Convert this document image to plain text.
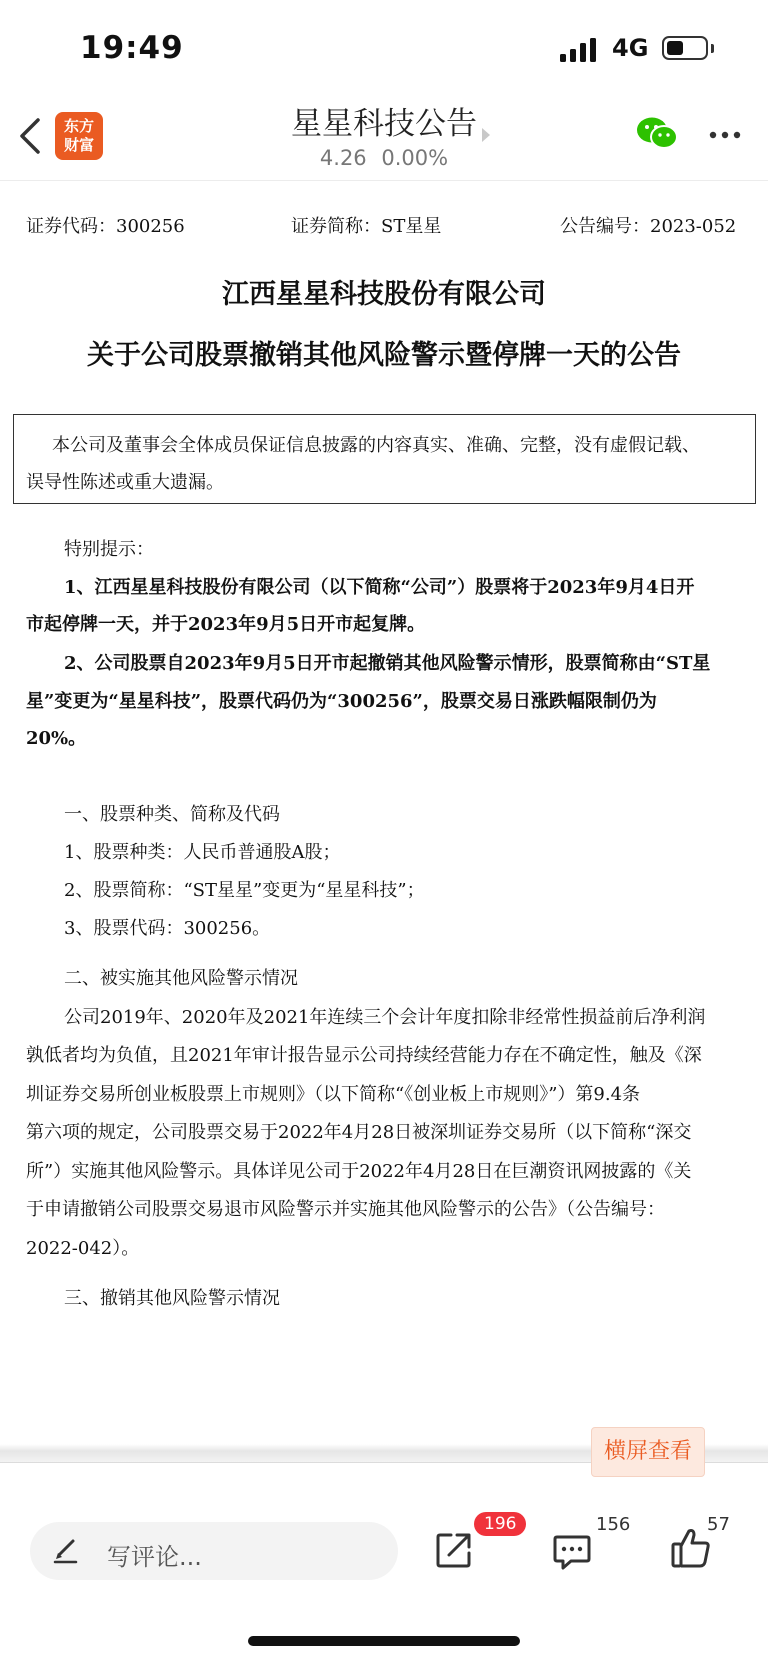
19:49	4G
东方
财富
星星科技公告
4.26 0.00%
证券代码：300256	证券简称：ST星星	公告编号：2023-052
江西星星科技股份有限公司
关于公司股票撤销其他风险警示暨停牌一天的公告
本公司及董事会全体成员保证信息披露的内容真实、准确、完整，没有虚假记载、
误导性陈述或重大遗漏。
特别提示：
1、江西星星科技股份有限公司（以下简称“公司”）股票将于2023年9月4日开
市起停牌一天，并于2023年9月5日开市起复牌。
2、公司股票自2023年9月5日开市起撤销其他风险警示情形，股票简称由“ST星
星”变更为“星星科技”，股票代码仍为“300256”，股票交易日涨跌幅限制仍为
20%。
一、股票种类、简称及代码
1、股票种类：人民币普通股A股；
2、股票简称：“ST星星”变更为“星星科技”；
3、股票代码：300256。
二、被实施其他风险警示情况
公司2019年、2020年及2021年连续三个会计年度扣除非经常性损益前后净利润
孰低者均为负值，且2021年审计报告显示公司持续经营能力存在不确定性，触及《深
圳证券交易所创业板股票上市规则》（以下简称“《创业板上市规则》”）第9.4条
第六项的规定，公司股票交易于2022年4月28日被深圳证券交易所（以下简称“深交
所”）实施其他风险警示。具体详见公司于2022年4月28日在巨潮资讯网披露的《关
于申请撤销公司股票交易退市风险警示并实施其他风险警示的公告》（公告编号：
2022-042）。
三、撤销其他风险警示情况
横屏查看
写评论...
196	156	57
